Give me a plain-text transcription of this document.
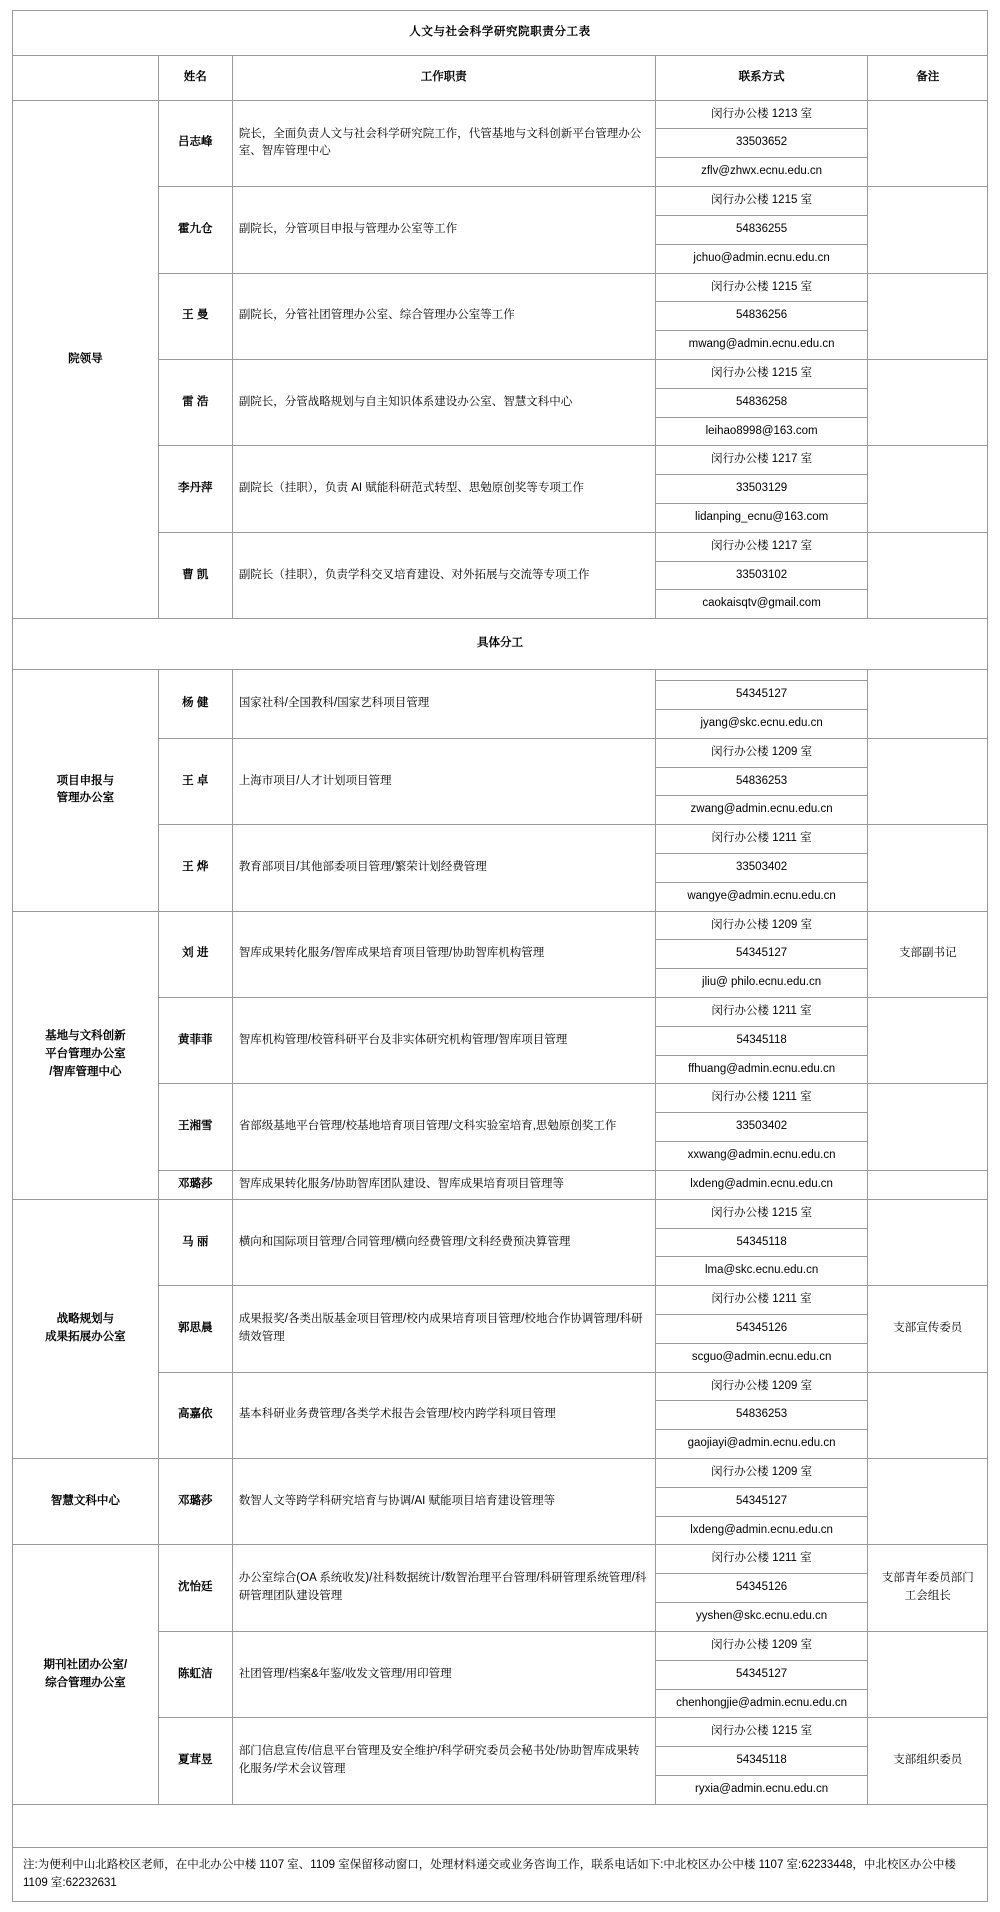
人文与社会科学研究院职责分工表				
	姓名	工作职责	联系方式	备注
院领导	吕志峰	院长，全面负责人文与社会科学研究院工作，代管基地与文科创新平台管理办公室、智库管理中心	闵行办公楼 1213 室	
			33503652	
			zflv@zhwx.ecnu.edu.cn	
	霍九仓	副院长，分管项目申报与管理办公室等工作	闵行办公楼 1215 室	
			54836255	
			jchuo@admin.ecnu.edu.cn	
	王 曼	副院长，分管社团管理办公室、综合管理办公室等工作	闵行办公楼 1215 室	
			54836256	
			mwang@admin.ecnu.edu.cn	
	雷 浩	副院长，分管战略规划与自主知识体系建设办公室、智慧文科中心	闵行办公楼 1215 室	
			54836258	
			leihao8998@163.com	
	李丹萍	副院长（挂职），负责 AI 赋能科研范式转型、思勉原创奖等专项工作	闵行办公楼 1217 室	
			33503129	
			lidanping_ecnu@163.com	
	曹 凯	副院长（挂职），负责学科交叉培育建设、对外拓展与交流等专项工作	闵行办公楼 1217 室	
			33503102	
			caokaisqtv@gmail.com	
具体分工				
项目申报与
管理办公室	杨 健	国家社科/全国教科/国家艺科项目管理		
			54345127	
			jyang@skc.ecnu.edu.cn	
	王 卓	上海市项目/人才计划项目管理	闵行办公楼 1209 室	
			54836253	
			zwang@admin.ecnu.edu.cn	
	王 烨	教育部项目/其他部委项目管理/繁荣计划经费管理	闵行办公楼 1211 室	
			33503402	
			wangye@admin.ecnu.edu.cn	
基地与文科创新
平台管理办公室
/智库管理中心	刘 进	智库成果转化服务/智库成果培育项目管理/协助智库机构管理	闵行办公楼 1209 室	支部副书记
			54345127	
			jliu@ philo.ecnu.edu.cn	
	黄菲菲	智库机构管理/校管科研平台及非实体研究机构管理/智库项目管理	闵行办公楼 1211 室	
			54345118	
			ffhuang@admin.ecnu.edu.cn	
	王湘雪	省部级基地平台管理/校基地培育项目管理/文科实验室培育,思勉原创奖工作	闵行办公楼 1211 室	
			33503402	
			xxwang@admin.ecnu.edu.cn	
	邓璐莎	智库成果转化服务/协助智库团队建设、智库成果培育项目管理等	lxdeng@admin.ecnu.edu.cn	
战略规划与
成果拓展办公室	马 丽	横向和国际项目管理/合同管理/横向经费管理/文科经费预决算管理	闵行办公楼 1215 室	
			54345118	
			lma@skc.ecnu.edu.cn	
	郭思晨	成果报奖/各类出版基金项目管理/校内成果培育项目管理/校地合作协调管理/科研绩效管理	闵行办公楼 1211 室	支部宣传委员
			54345126	
			scguo@admin.ecnu.edu.cn	
	高嘉依	基本科研业务费管理/各类学术报告会管理/校内跨学科项目管理	闵行办公楼 1209 室	
			54836253	
			gaojiayi@admin.ecnu.edu.cn	
智慧文科中心	邓璐莎	数智人文等跨学科研究培育与协调/AI 赋能项目培育建设管理等	闵行办公楼 1209 室	
			54345127	
			lxdeng@admin.ecnu.edu.cn	
期刊社团办公室/
综合管理办公室	沈怡廷	办公室综合(OA 系统收发)/社科数据统计/数智治理平台管理/科研管理系统管理/科研管理团队建设管理	闵行办公楼 1211 室	支部青年委员部门
工会组长
			54345126	
			yyshen@skc.ecnu.edu.cn	
	陈虹洁	社团管理/档案&年鉴/收发文管理/用印管理	闵行办公楼 1209 室	
			54345127	
			chenhongjie@admin.ecnu.edu.cn	
	夏茸昱	部门信息宣传/信息平台管理及安全维护/科学研究委员会秘书处/协助智库成果转化服务/学术会议管理	闵行办公楼 1215 室	支部组织委员
			54345118	
			ryxia@admin.ecnu.edu.cn	

注:为便利中山北路校区老师，在中北办公中楼 1107 室、1109 室保留移动窗口，处理材料递交或业务咨询工作，联系电话如下:中北校区办公中楼 1107 室:62233448，中北校区办公中楼 1109 室:62232631				
